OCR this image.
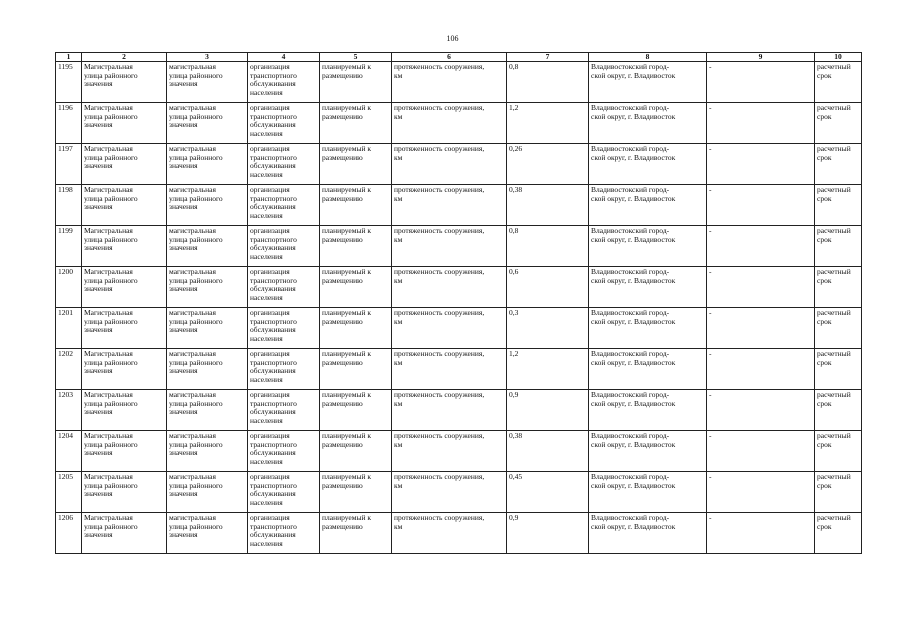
106
1	2	3	4	5	6	7	8	9	10

1195	Магистральная
улица районного
значения	магистральная
улица районного
значения	организация
транспортного
обслуживания
населения	планируемый к
размещению	протяженность сооружения,
км	0,8	Владивостокский город-
ской округ, г. Владивосток	-	расчетный
срок

1196	Магистральная
улица районного
значения	магистральная
улица районного
значения	организация
транспортного
обслуживания
населения	планируемый к
размещению	протяженность сооружения,
км	1,2	Владивостокский город-
ской округ, г. Владивосток	-	расчетный
срок

1197	Магистральная
улица районного
значения	магистральная
улица районного
значения	организация
транспортного
обслуживания
населения	планируемый к
размещению	протяженность сооружения,
км	0,26	Владивостокский город-
ской округ, г. Владивосток	-	расчетный
срок

1198	Магистральная
улица районного
значения	магистральная
улица районного
значения	организация
транспортного
обслуживания
населения	планируемый к
размещению	протяженность сооружения,
км	0,38	Владивостокский город-
ской округ, г. Владивосток	-	расчетный
срок

1199	Магистральная
улица районного
значения	магистральная
улица районного
значения	организация
транспортного
обслуживания
населения	планируемый к
размещению	протяженность сооружения,
км	0,8	Владивостокский город-
ской округ, г. Владивосток	-	расчетный
срок

1200	Магистральная
улица районного
значения	магистральная
улица районного
значения	организация
транспортного
обслуживания
населения	планируемый к
размещению	протяженность сооружения,
км	0,6	Владивостокский город-
ской округ, г. Владивосток	-	расчетный
срок

1201	Магистральная
улица районного
значения	магистральная
улица районного
значения	организация
транспортного
обслуживания
населения	планируемый к
размещению	протяженность сооружения,
км	0,3	Владивостокский город-
ской округ, г. Владивосток	-	расчетный
срок

1202	Магистральная
улица районного
значения	магистральная
улица районного
значения	организация
транспортного
обслуживания
населения	планируемый к
размещению	протяженность сооружения,
км	1,2	Владивостокский город-
ской округ, г. Владивосток	-	расчетный
срок

1203	Магистральная
улица районного
значения	магистральная
улица районного
значения	организация
транспортного
обслуживания
населения	планируемый к
размещению	протяженность сооружения,
км	0,9	Владивостокский город-
ской округ, г. Владивосток	-	расчетный
срок

1204	Магистральная
улица районного
значения	магистральная
улица районного
значения	организация
транспортного
обслуживания
населения	планируемый к
размещению	протяженность сооружения,
км	0,38	Владивостокский город-
ской округ, г. Владивосток	-	расчетный
срок

1205	Магистральная
улица районного
значения	магистральная
улица районного
значения	организация
транспортного
обслуживания
населения	планируемый к
размещению	протяженность сооружения,
км	0,45	Владивостокский город-
ской округ, г. Владивосток	-	расчетный
срок

1206	Магистральная
улица районного
значения	магистральная
улица районного
значения	организация
транспортного
обслуживания
населения	планируемый к
размещению	протяженность сооружения,
км	0,9	Владивостокский город-
ской округ, г. Владивосток	-	расчетный
срок
